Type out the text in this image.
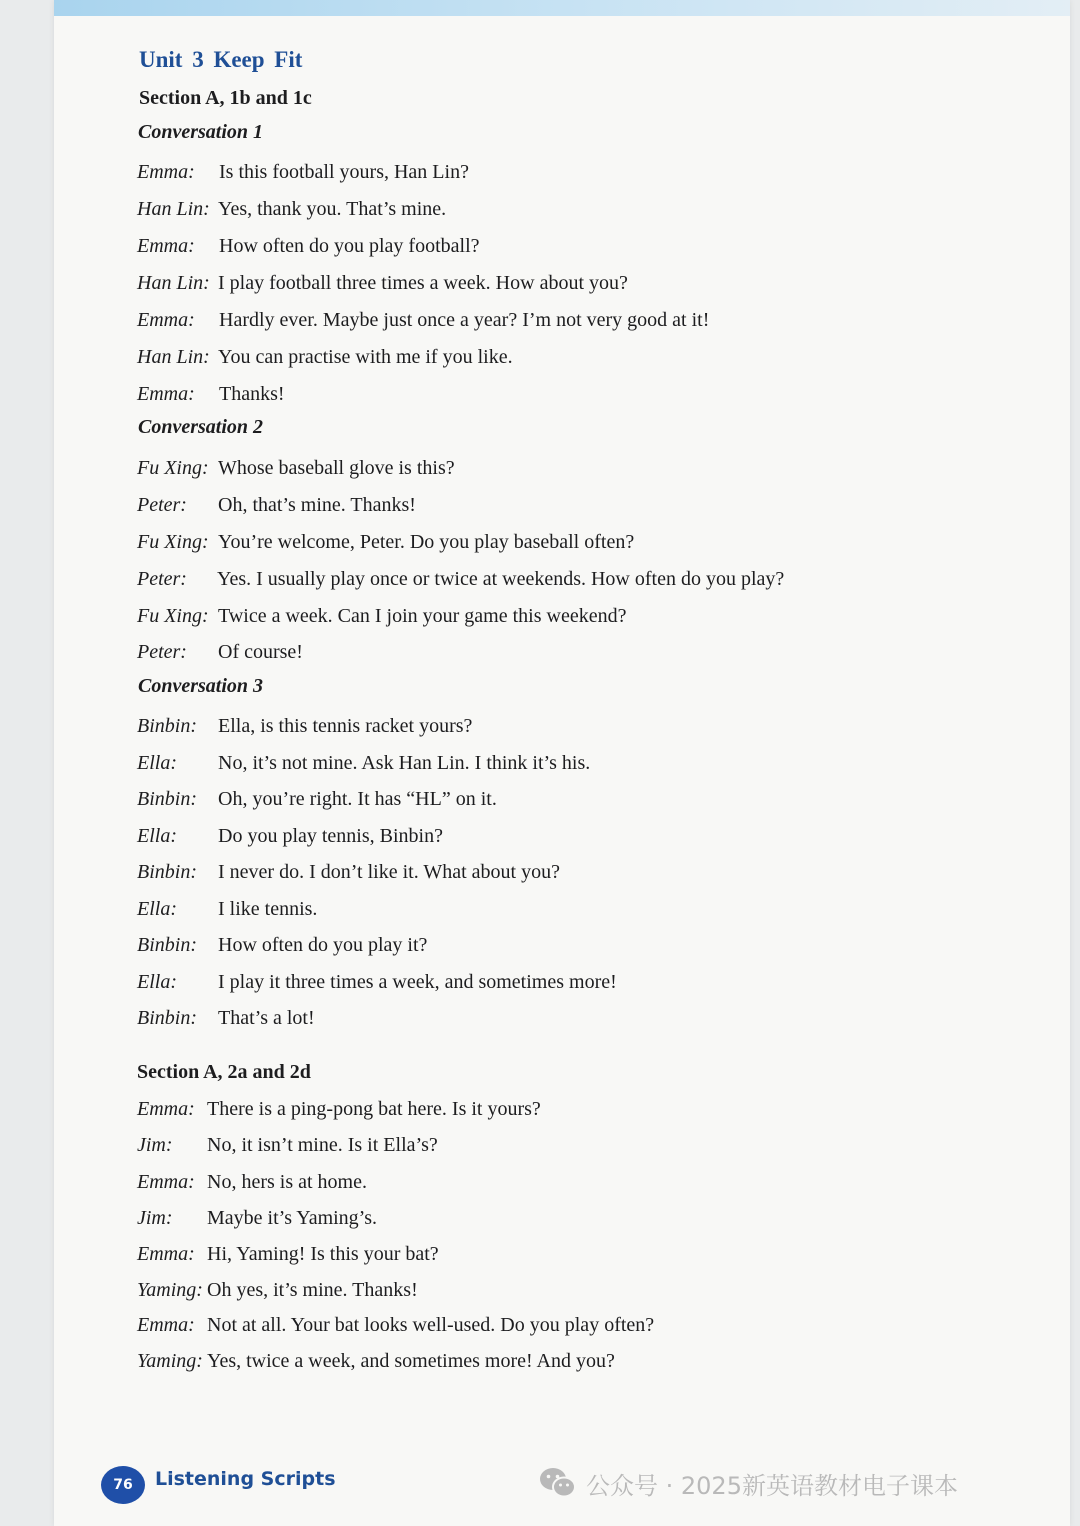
Unit 3 Keep Fit
Section A, 1b and 1c
Conversation 1
Emma: Is this football yours, Han Lin?
Han Lin: Yes, thank you. That’s mine.
Emma: How often do you play football?
Han Lin: I play football three times a week. How about you?
Emma: Hardly ever. Maybe just once a year? I’m not very good at it!
Han Lin: You can practise with me if you like.
Emma: Thanks!
Conversation 2
Fu Xing: Whose baseball glove is this?
Peter: Oh, that’s mine. Thanks!
Fu Xing: You’re welcome, Peter. Do you play baseball often?
Peter: Yes. I usually play once or twice at weekends. How often do you play?
Fu Xing: Twice a week. Can I join your game this weekend?
Peter: Of course!
Conversation 3
Binbin: Ella, is this tennis racket yours?
Ella: No, it’s not mine. Ask Han Lin. I think it’s his.
Binbin: Oh, you’re right. It has “HL” on it.
Ella: Do you play tennis, Binbin?
Binbin: I never do. I don’t like it. What about you?
Ella: I like tennis.
Binbin: How often do you play it?
Ella: I play it three times a week, and sometimes more!
Binbin: That’s a lot!
Section A, 2a and 2d
Emma: There is a ping-pong bat here. Is it yours?
Jim: No, it isn’t mine. Is it Ella’s?
Emma: No, hers is at home.
Jim: Maybe it’s Yaming’s.
Emma: Hi, Yaming! Is this your bat?
Yaming: Oh yes, it’s mine. Thanks!
Emma: Not at all. Your bat looks well-used. Do you play often?
Yaming: Yes, twice a week, and sometimes more! And you?
76	Listening Scripts	公众号 · 2025新英语教材电子课本
